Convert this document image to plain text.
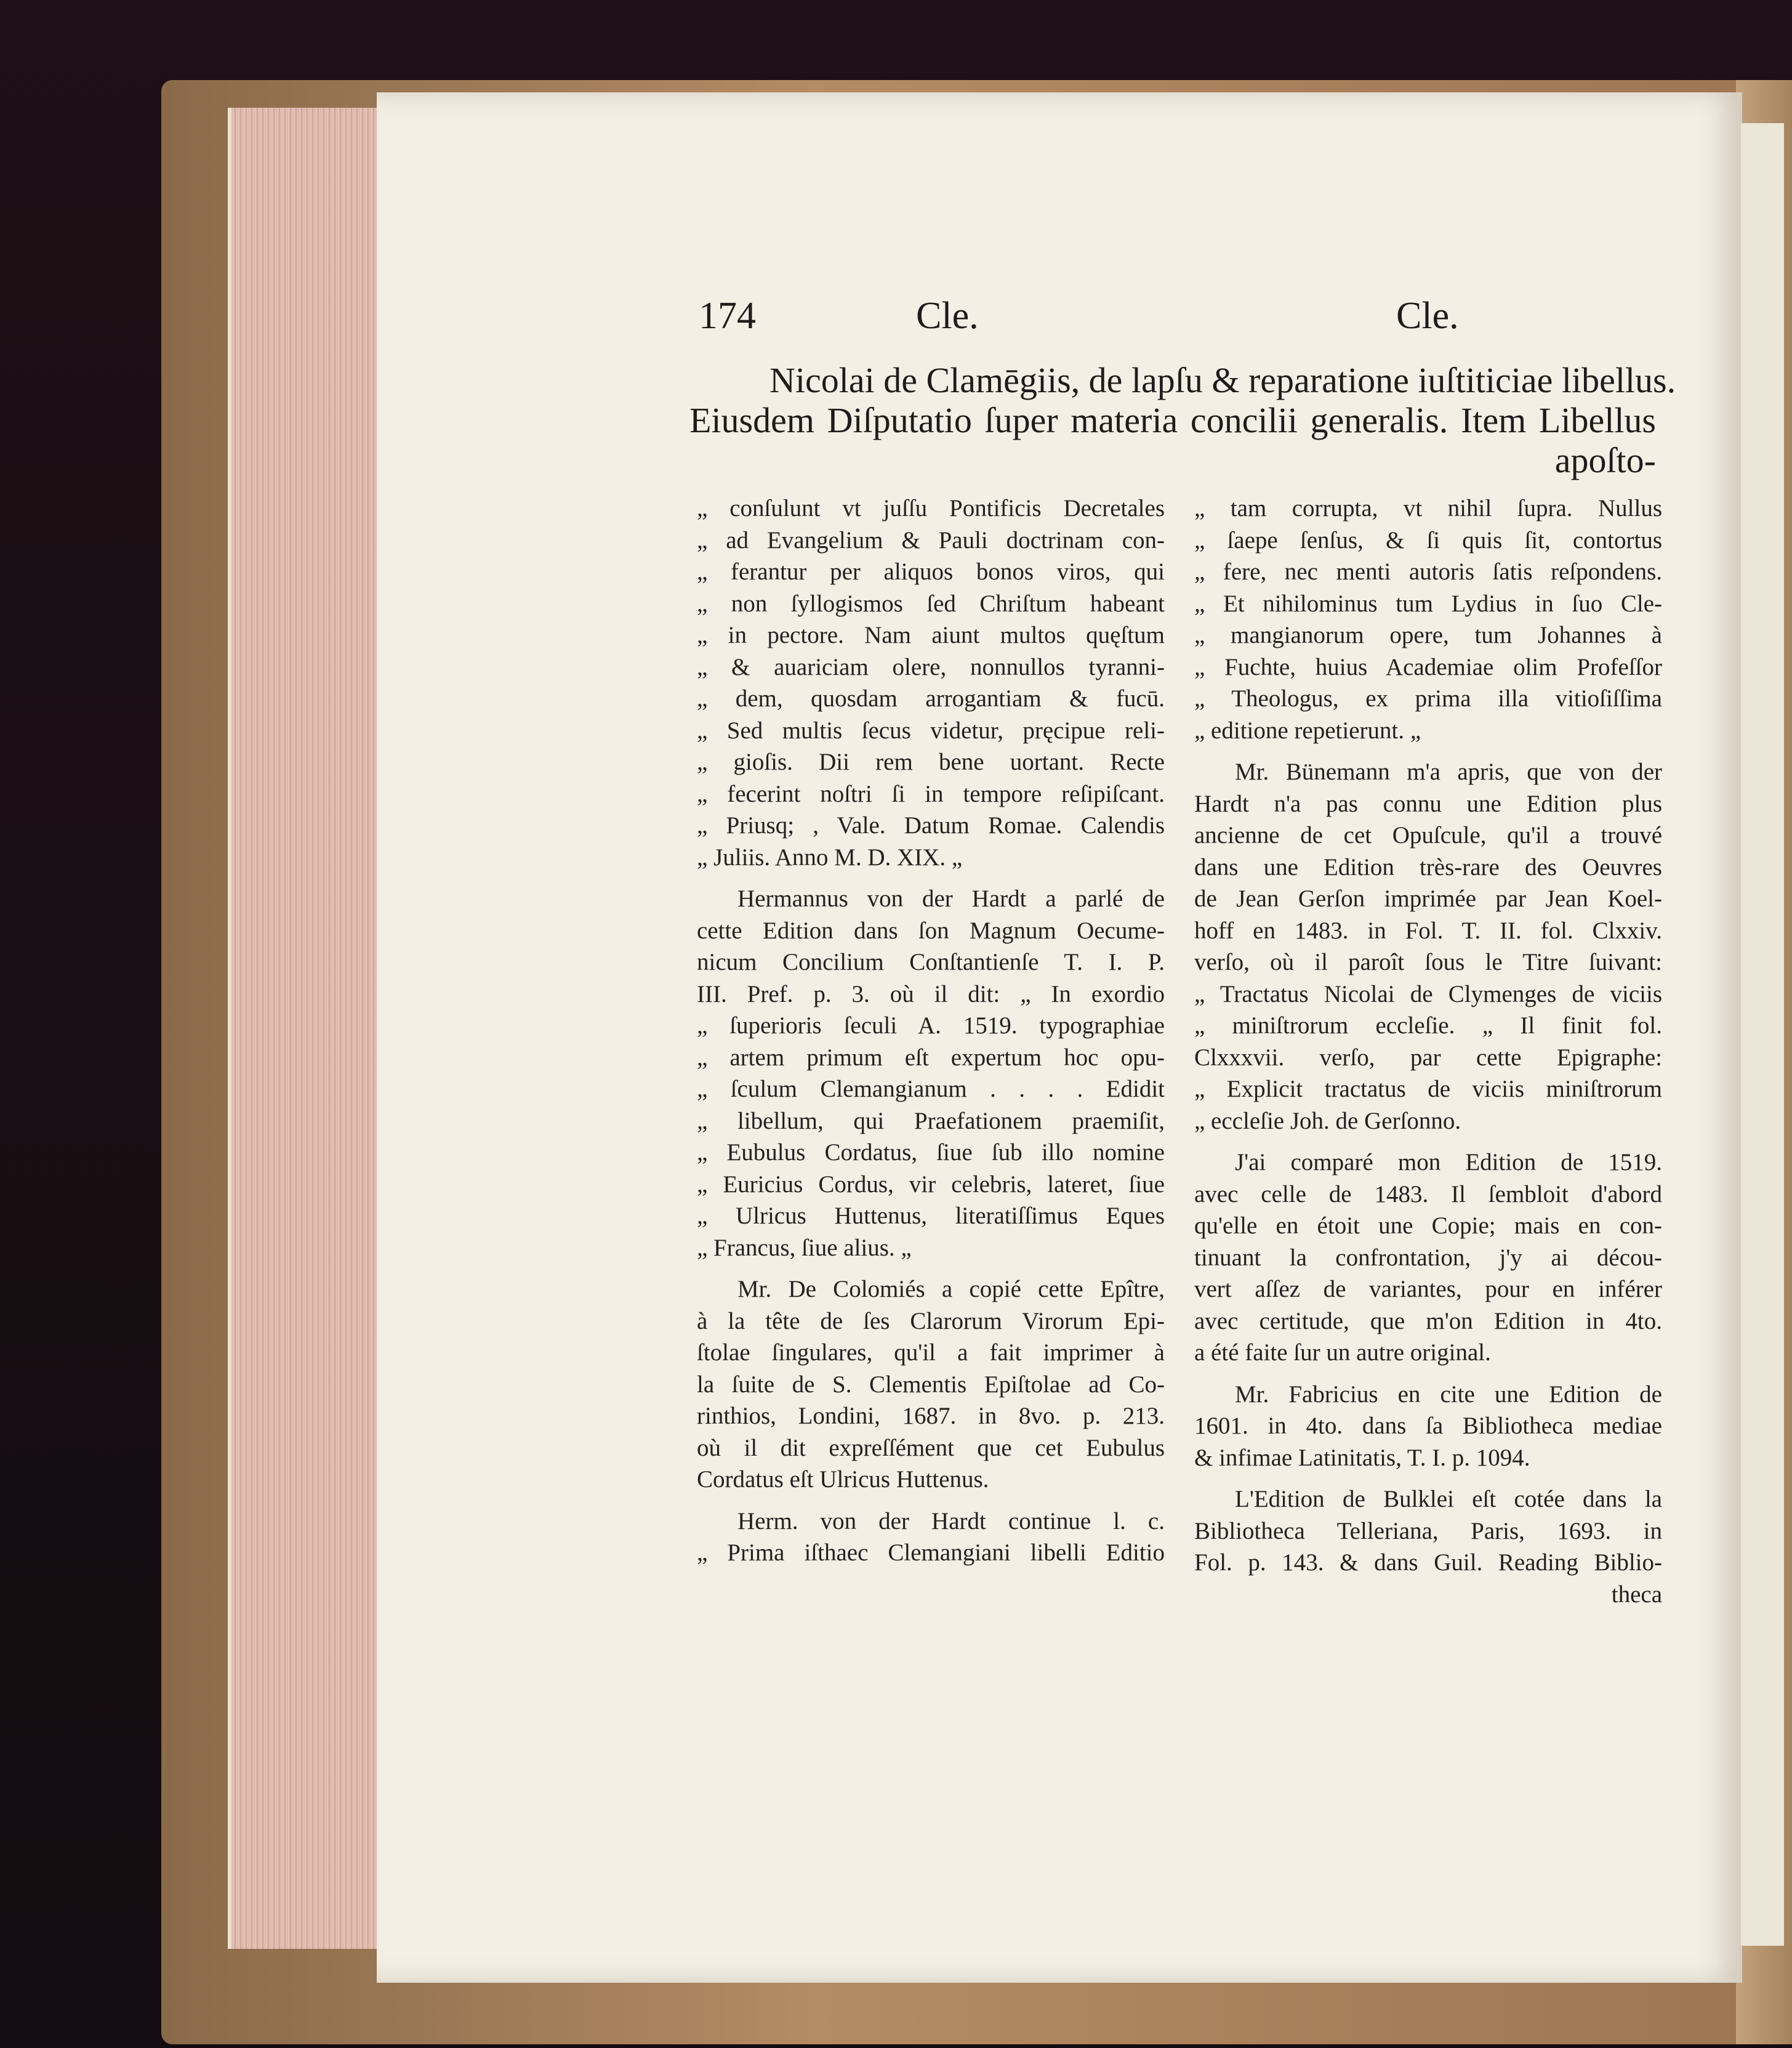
174	Cle.	Cle.
Nicolai de Clamēgiis, de lapſu & reparatione iuſtiticiae libellus.
Eiusdem Diſputatio ſuper materia concilii generalis. Item Libellus
apoſto-
„ conſulunt vt juſſu Pontificis Decretales
„ ad Evangelium & Pauli doctrinam con-
„ ferantur per aliquos bonos viros, qui
„ non ſyllogismos ſed Chriſtum habeant
„ in pectore. Nam aiunt multos quęſtum
„ & auariciam olere, nonnullos tyranni-
„ dem, quosdam arrogantiam & fucū.
„ Sed multis ſecus videtur, pręcipue reli-
„ gioſis. Dii rem bene uortant. Recte
„ fecerint noſtri ſi in tempore reſipiſcant.
„ Priusq; , Vale. Datum Romae. Calendis
„ Juliis. Anno M. D. XIX. „
Hermannus von der Hardt a parlé de
cette Edition dans ſon Magnum Oecume-
nicum Concilium Conſtantienſe T. I. P.
III. Pref. p. 3. où il dit: „ In exordio
„ ſuperioris ſeculi A. 1519. typographiae
„ artem primum eſt expertum hoc opu-
„ ſculum Clemangianum . . . . Edidit
„ libellum, qui Praefationem praemiſit,
„ Eubulus Cordatus, ſiue ſub illo nomine
„ Euricius Cordus, vir celebris, lateret, ſiue
„ Ulricus Huttenus, literatiſſimus Eques
„ Francus, ſiue alius. „
Mr. De Colomiés a copié cette Epître,
à la tête de ſes Clarorum Virorum Epi-
ſtolae ſingulares, qu'il a fait imprimer à
la ſuite de S. Clementis Epiſtolae ad Co-
rinthios, Londini, 1687. in 8vo. p. 213.
où il dit expreſſément que cet Eubulus
Cordatus eſt Ulricus Huttenus.
Herm. von der Hardt continue l. c.
„ Prima iſthaec Clemangiani libelli Editio
„ tam corrupta, vt nihil ſupra. Nullus
„ ſaepe ſenſus, & ſi quis ſit, contortus
„ fere, nec menti autoris ſatis reſpondens.
„ Et nihilominus tum Lydius in ſuo Cle-
„ mangianorum opere, tum Johannes à
„ Fuchte, huius Academiae olim Profeſſor
„ Theologus, ex prima illa vitioſiſſima
„ editione repetierunt. „
Mr. Bünemann m'a apris, que von der
Hardt n'a pas connu une Edition plus
ancienne de cet Opuſcule, qu'il a trouvé
dans une Edition très-rare des Oeuvres
de Jean Gerſon imprimée par Jean Koel-
hoff en 1483. in Fol. T. II. fol. Clxxiv.
verſo, où il paroît ſous le Titre ſuivant:
„ Tractatus Nicolai de Clymenges de viciis
„ miniſtrorum eccleſie. „ Il finit fol.
Clxxxvii. verſo, par cette Epigraphe:
„ Explicit tractatus de viciis miniſtrorum
„ eccleſie Joh. de Gerſonno.
J'ai comparé mon Edition de 1519.
avec celle de 1483. Il ſembloit d'abord
qu'elle en étoit une Copie; mais en con-
tinuant la confrontation, j'y ai décou-
vert aſſez de variantes, pour en inférer
avec certitude, que m'on Edition in 4to.
a été faite ſur un autre original.
Mr. Fabricius en cite une Edition de
1601. in 4to. dans ſa Bibliotheca mediae
& infimae Latinitatis, T. I. p. 1094.
L'Edition de Bulklei eſt cotée dans la
Bibliotheca Telleriana, Paris, 1693. in
Fol. p. 143. & dans Guil. Reading Biblio-
theca
